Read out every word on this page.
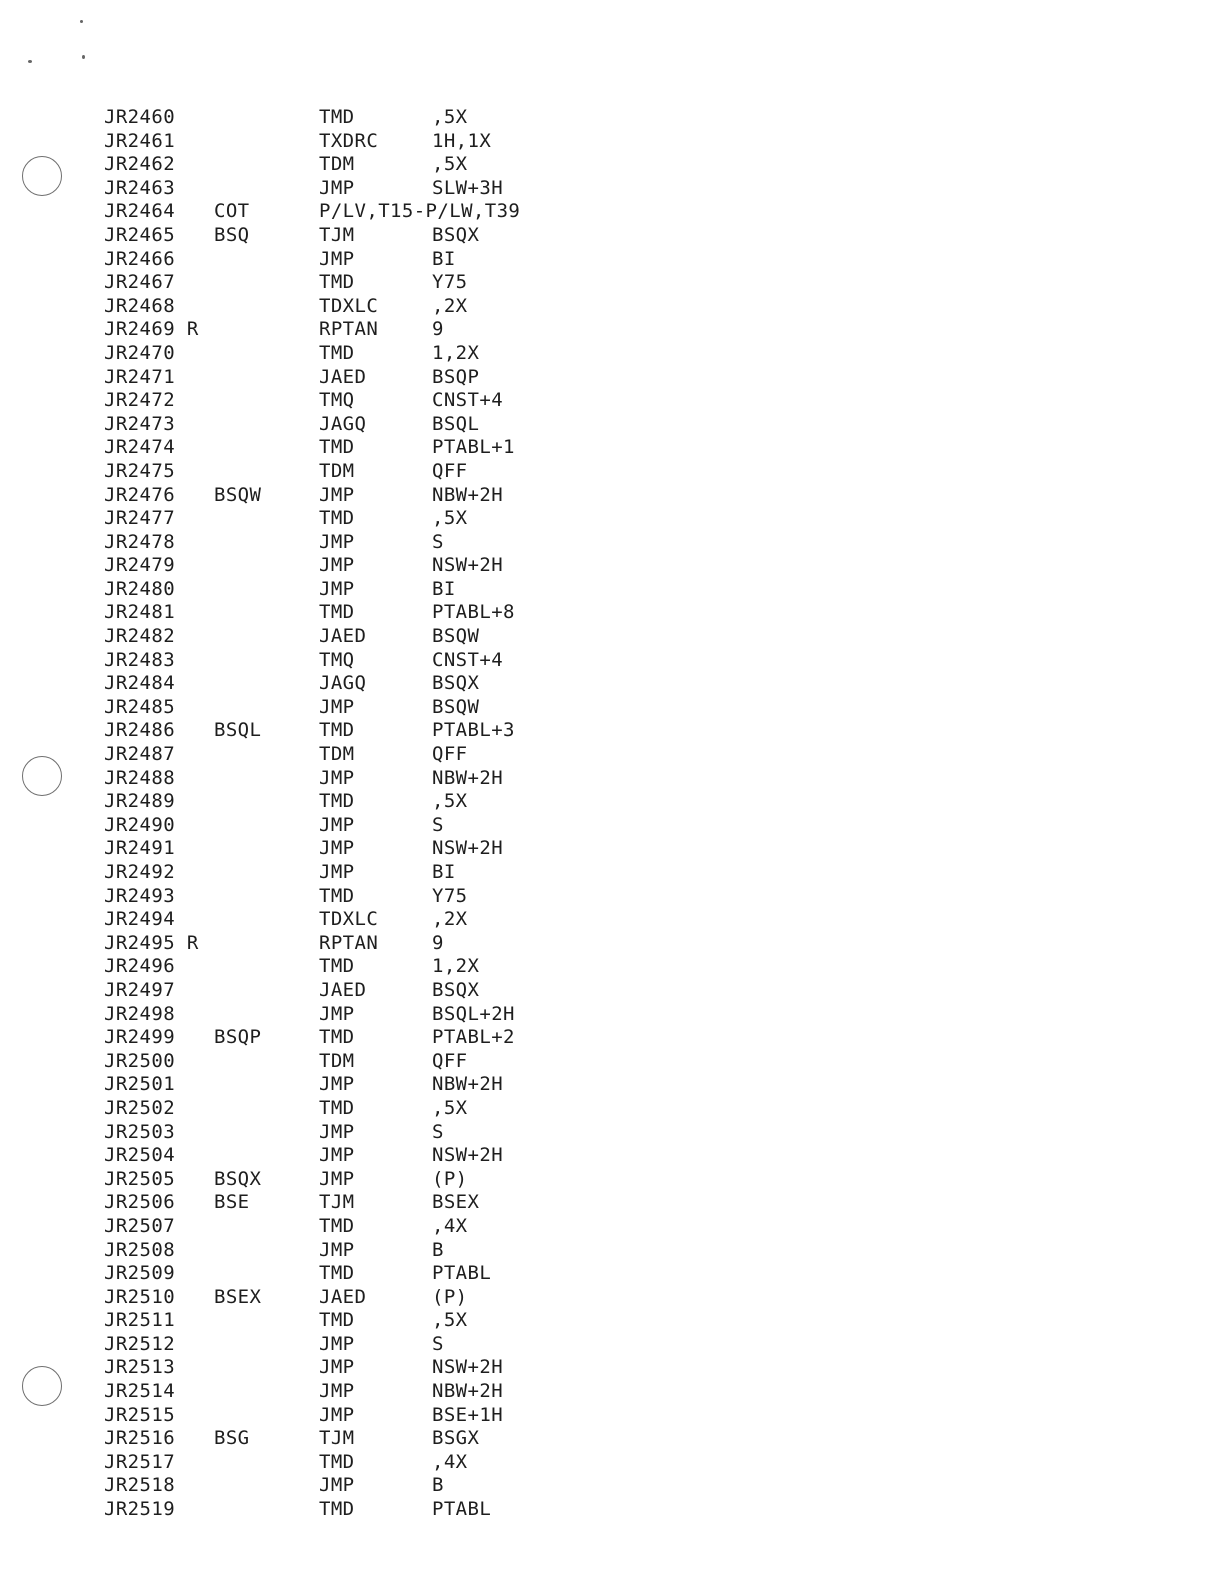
JR2460	TMD	,5X
JR2461	TXDRC	1H,1X
JR2462	TDM	,5X
JR2463	JMP	SLW+3H
JR2464 COT	P/LV,T15-P/LW,T39
JR2465 BSQ	TJM	BSQX
JR2466	JMP	BI
JR2467	TMD	Y75
JR2468	TDXLC	,2X
JR2469 R	RPTAN	9
JR2470	TMD	1,2X
JR2471	JAED	BSQP
JR2472	TMQ	CNST+4
JR2473	JAGQ	BSQL
JR2474	TMD	PTABL+1
JR2475	TDM	QFF
JR2476 BSQW	JMP	NBW+2H
JR2477	TMD	,5X
JR2478	JMP	S
JR2479	JMP	NSW+2H
JR2480	JMP	BI
JR2481	TMD	PTABL+8
JR2482	JAED	BSQW
JR2483	TMQ	CNST+4
JR2484	JAGQ	BSQX
JR2485	JMP	BSQW
JR2486 BSQL	TMD	PTABL+3
JR2487	TDM	QFF
JR2488	JMP	NBW+2H
JR2489	TMD	,5X
JR2490	JMP	S
JR2491	JMP	NSW+2H
JR2492	JMP	BI
JR2493	TMD	Y75
JR2494	TDXLC	,2X
JR2495 R	RPTAN	9
JR2496	TMD	1,2X
JR2497	JAED	BSQX
JR2498	JMP	BSQL+2H
JR2499 BSQP	TMD	PTABL+2
JR2500	TDM	QFF
JR2501	JMP	NBW+2H
JR2502	TMD	,5X
JR2503	JMP	S
JR2504	JMP	NSW+2H
JR2505 BSQX	JMP	(P)
JR2506 BSE	TJM	BSEX
JR2507	TMD	,4X
JR2508	JMP	B
JR2509	TMD	PTABL
JR2510 BSEX	JAED	(P)
JR2511	TMD	,5X
JR2512	JMP	S
JR2513	JMP	NSW+2H
JR2514	JMP	NBW+2H
JR2515	JMP	BSE+1H
JR2516 BSG	TJM	BSGX
JR2517	TMD	,4X
JR2518	JMP	B
JR2519	TMD	PTABL
